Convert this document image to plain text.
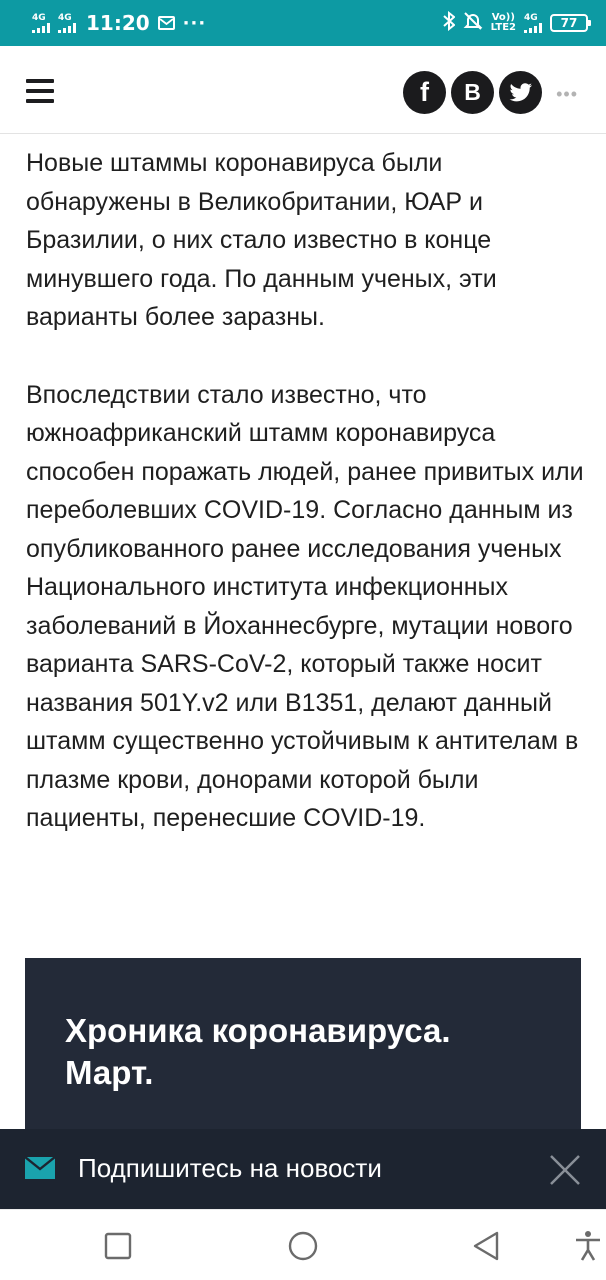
4G 4G 11:20 ···	Vo))
LTE2
4G 77
f B	•••

Новые штаммы коронавируса были обнаружены в Великобритании, ЮАР и Бразилии, о них стало известно в конце минувшего года. По данным ученых, эти варианты более заразны.

Впоследствии стало известно, что южноафриканский штамм коронавируса способен поражать людей, ранее привитых или переболевших COVID-19. Согласно данным из опубликованного ранее исследования ученых Национального института инфекционных заболеваний в Йоханнесбурге, мутации нового варианта SARS-CoV-2, который также носит названия 501Y.v2 или B1351, делают данный штамм существенно устойчивым к антителам в плазме крови, донорами которой были пациенты, перенесшие COVID-19.

Хроника коронавируса. Март.
Подпишитесь на новости
